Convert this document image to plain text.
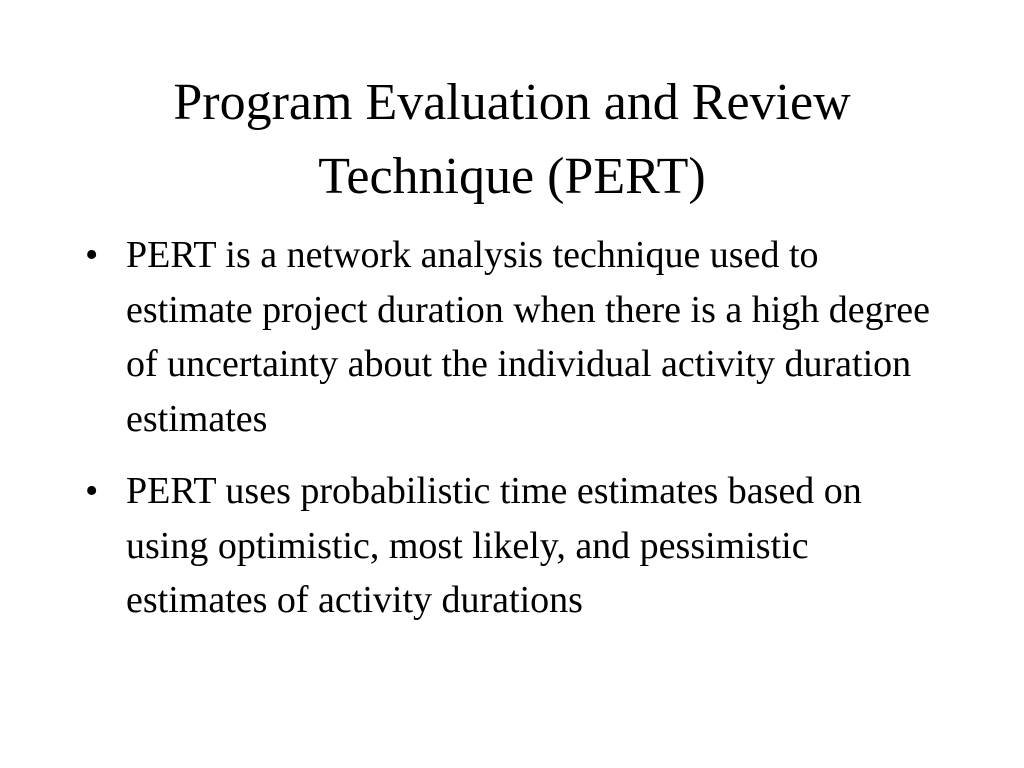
Program Evaluation and Review Technique (PERT)
• PERT is a network analysis technique used to estimate project duration when there is a high degree of uncertainty about the individual activity duration estimates
• PERT uses probabilistic time estimates based on using optimistic, most likely, and pessimistic estimates of activity durations
